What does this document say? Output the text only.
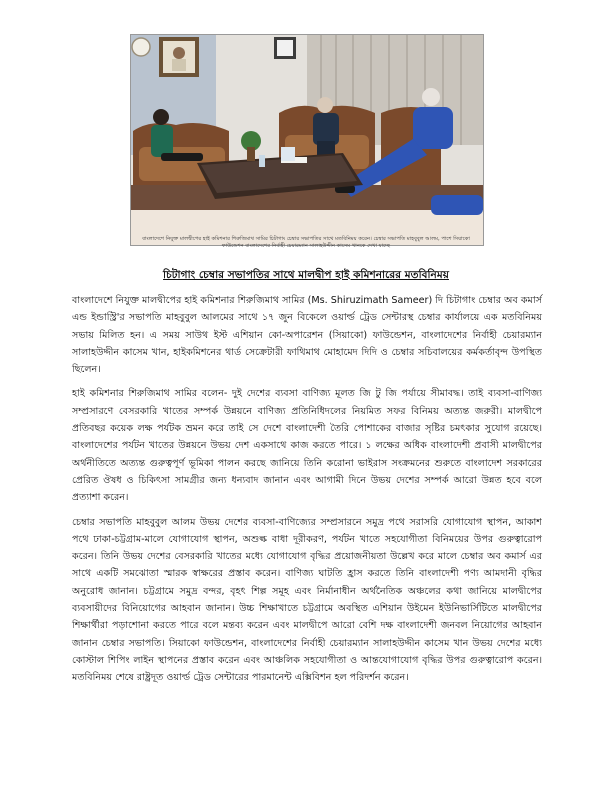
বাংলাদেশে নিযুক্ত মালদ্বীপের হাই কমিশনার শিরুজিমাথ সামির চিটাগাং চেম্বার সভাপতির সাথে মতবিনিময় করেন। চেম্বার সভাপতি মাহবুবুল আলম, পাশে সিয়াকো ফাউন্ডেশন বাংলাদেশের নির্বাহী চেয়ারম্যান সালাহউদ্দীন কাসেম খানকে দেখা যাচ্ছে
চিটাগাং চেম্বার সভাপতির সাথে মালদ্বীপ হাই কমিশনারের মতবিনিময়

বাংলাদেশে নিযুক্ত মালদ্বীপের হাই কমিশনার শিরুজিমাথ সামির (Ms. Shiruzimath Sameer) দি চিটাগাং চেম্বার অব কমার্স এন্ড ইন্ডাস্ট্রি'র সভাপতি মাহবুবুল আলমের সাথে ১৭ জুন বিকেলে ওয়ার্ল্ড ট্রেড সেন্টারস্থ চেম্বার কার্যালয়ে এক মতবিনিময় সভায় মিলিত হন। এ সময় সাউথ ইস্ট এশিয়ান কো-অপারেশন (সিয়াকো) ফাউন্ডেশন, বাংলাদেশের নির্বাহী চেয়ারম্যান সালাহউদ্দীন কাসেম খান, হাইকমিশনের থার্ড সেক্রেটারী ফাথিমাথ মোহামেদ দিদি ও চেম্বার সচিবালয়ের কর্মকর্তাবৃন্দ উপস্থিত ছিলেন।

হাই কমিশনার শিরুজিমাথ সামির বলেন- দুই দেশের ব্যবসা বাণিজ্য মূলত জি টু জি পর্যায়ে সীমাবদ্ধ। তাই ব্যবসা-বাণিজ্য সম্প্রসারণে বেসরকারি খাতের সম্পর্ক উন্নয়নে বাণিজ্য প্রতিনিধিদলের নিয়মিত সফর বিনিময় অত্যন্ত জরুরী। মালদ্বীপে প্রতিবছর কয়েক লক্ষ পর্যটক ভ্রমন করে তাই সে দেশে বাংলাদেশী তৈরি পোশাকের বাজার সৃষ্টির চমৎকার সুযোগ রয়েছে। বাংলাদেশের পর্যটন খাতের উন্নয়নে উভয় দেশ একসাথে কাজ করতে পারে। ১ লক্ষের অধিক বাংলাদেশী প্রবাসী মালদ্বীপের অর্থনীতিতে অত্যন্ত গুরুত্বপূর্ণ ভূমিকা পালন করছে জানিয়ে তিনি করোনা ভাইরাস সংক্রমনের শুরুতে বাংলাদেশ সরকারের প্রেরিত ঔষধ ও চিকিৎসা সামগ্রীর জন্য ধন্যবাদ জানান এবং আগামী দিনে উভয় দেশের সম্পর্ক আরো উন্নত হবে বলে প্রত্যাশা করেন।

চেম্বার সভাপতি মাহবুবুল আলম উভয় দেশের ব্যবসা-বাণিজ্যের সম্প্রসারনে সমুদ্র পথে সরাসরি যোগাযোগ স্থাপন, আকাশ পথে ঢাকা-চট্টগ্রাম-মালে যোগাযোগ স্থাপন, অশুল্ক বাধা দূরীকরণ, পর্যটন খাতে সহযোগীতা বিনিময়ের উপর গুরুত্বারোপ করেন। তিনি উভয় দেশের বেসরকারি খাতের মধ্যে যোগাযোগ বৃদ্ধির প্রয়োজনীয়তা উল্লেখ করে মালে চেম্বার অব কমার্স এর সাথে একটি সমঝোতা স্মারক স্বাক্ষরের প্রস্তাব করেন। বাণিজ্য ঘাটতি হ্রাস করতে তিনি বাংলাদেশী পণ্য আমদানী বৃদ্ধির অনুরোধ জানান। চট্টগ্রামে সমুদ্র বন্দর, বৃহৎ শিল্প সমূহ এবং নির্মানাধীন অর্থনৈতিক অঞ্চলের কথা জানিয়ে মালদ্বীপের ব্যবসায়ীদের বিনিয়োগের আহবান জানান। উচ্চ শিক্ষাখাতে চট্টগ্রামে অবস্থিত এশিয়ান উইমেন ইউনিভার্সিটিতে মালদ্বীপের শিক্ষার্থীরা পড়াশোনা করতে পারে বলে মন্তব্য করেন এবং মালদ্বীপে আরো বেশি দক্ষ বাংলাদেশী জনবল নিয়োগের আহবান জানান চেম্বার সভাপতি। সিয়াকো ফাউন্ডেশন, বাংলাদেশের নির্বাহী চেয়ারম্যান সালাহউদ্দীন কাসেম খান উভয় দেশের মধ্যে কোস্টাল শিপিং লাইন স্থাপনের প্রস্তাব করেন এবং আঞ্চলিক সহযোগীতা ও আন্তযোগাযোগ বৃদ্ধির উপর গুরুত্বারোপ করেন। মতবিনিময় শেষে রাষ্ট্রদূত ওয়ার্ল্ড ট্রেড সেন্টারের পারমানেন্ট এক্সিবিশন হল পরিদর্শন করেন।
